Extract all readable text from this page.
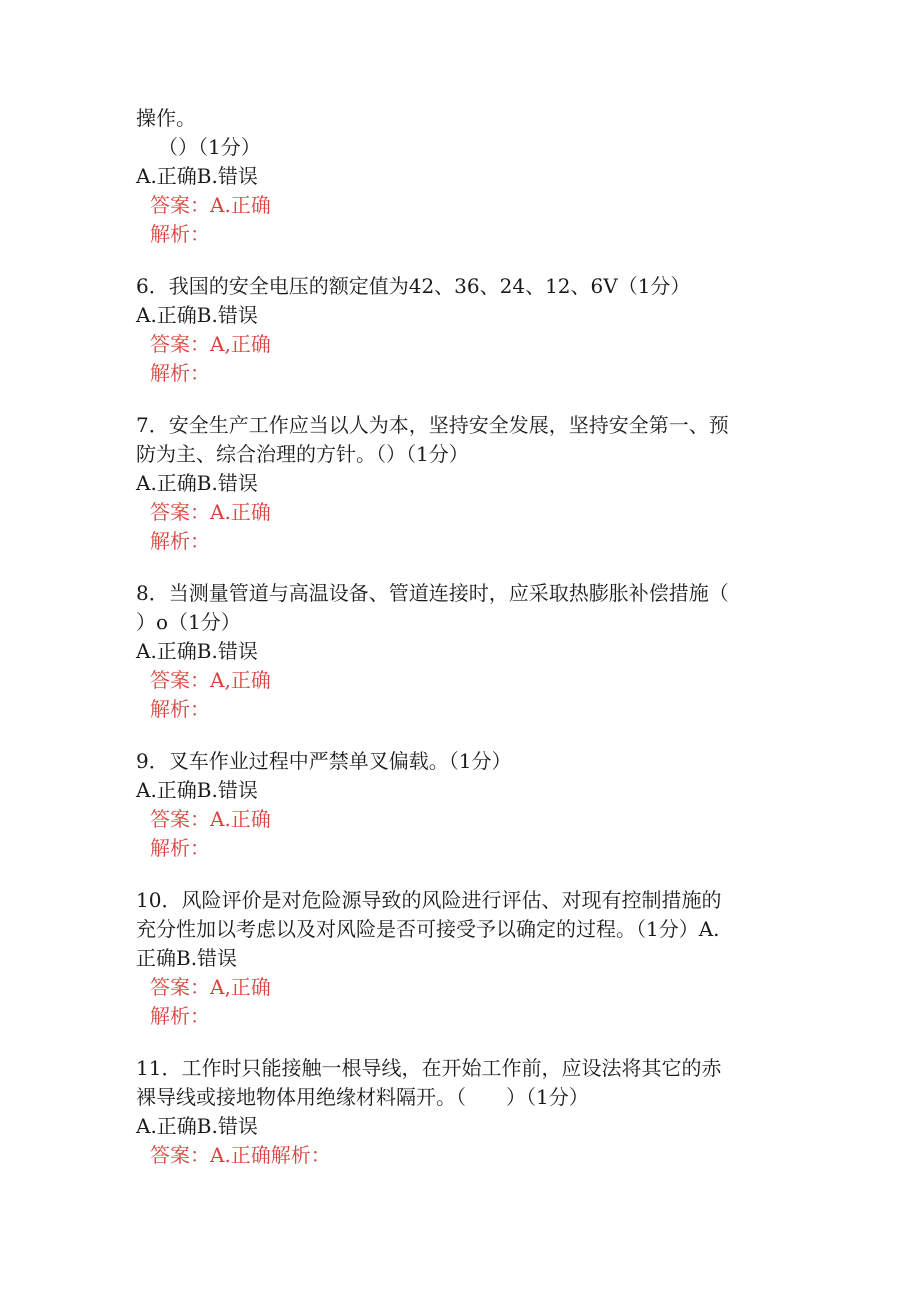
操作。
（）（1分）
A.正确B.错误
答案：A.正确
解析：
6．我国的安全电压的额定值为42、36、24、12、6V（1分）
A.正确B.错误
答案：A,正确
解析：
7．安全生产工作应当以人为本，坚持安全发展，坚持安全第一、预
防为主、综合治理的方针。（）（1分）
A.正确B.错误
答案：A.正确
解析：
8．当测量管道与高温设备、管道连接时，应采取热膨胀补偿措施（
）o（1分）
A.正确B.错误
答案：A,正确
解析：
9．叉车作业过程中严禁单叉偏载。（1分）
A.正确B.错误
答案：A.正确
解析：
10．风险评价是对危险源导致的风险进行评估、对现有控制措施的
充分性加以考虑以及对风险是否可接受予以确定的过程。（1分）A.
正确B.错误
答案：A,正确
解析：
11．工作时只能接触一根导线，在开始工作前，应设法将其它的赤
裸导线或接地物体用绝缘材料隔开。（　　）（1分）
A.正确B.错误
答案：A.正确解析：
